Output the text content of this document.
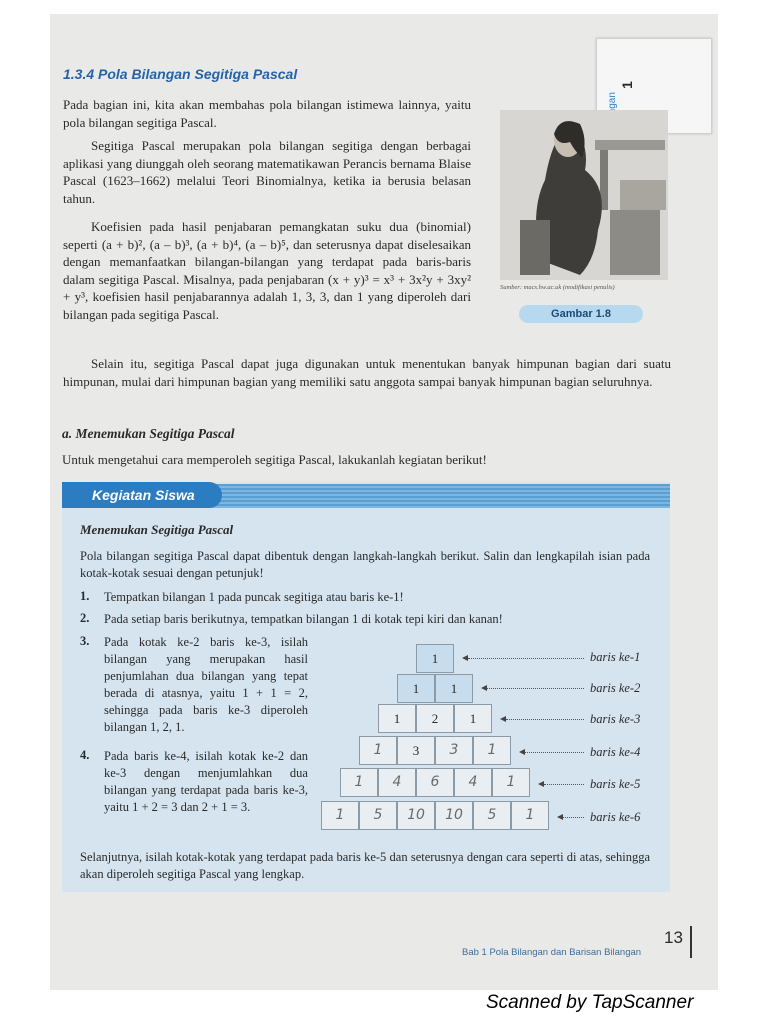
1.3.4 Pola Bilangan Segitiga Pascal

Pada bagian ini, kita akan membahas pola bilangan istimewa lainnya, yaitu pola bilangan segitiga Pascal.

Segitiga Pascal merupakan pola bilangan segitiga dengan berbagai aplikasi yang diunggah oleh seorang matematikawan Perancis bernama Blaise Pascal (1623–1662) melalui Teori Binomialnya, ketika ia berusia belasan tahun.

Koefisien pada hasil penjabaran pemangkatan suku dua (binomial) seperti (a + b)², (a – b)³, (a + b)⁴, (a – b)⁵, dan seterusnya dapat diselesaikan dengan memanfaatkan bilangan-bilangan yang terdapat pada baris-baris dalam segitiga Pascal. Misalnya, pada penjabaran (x + y)³ = x³ + 3x²y + 3xy² + y³, koefisien hasil penjabarannya adalah 1, 3, 3, dan 1 yang diperoleh dari bilangan pada segitiga Pascal.

Selain itu, segitiga Pascal dapat juga digunakan untuk menentukan banyak himpunan bagian dari suatu himpunan, mulai dari himpunan bagian yang memiliki satu anggota sampai banyak himpunan bagian seluruhnya.

1
Sumber: macs.hw.ac.uk (modifikasi penulis)
Gambar 1.8
a. Menemukan Segitiga Pascal

Untuk mengetahui cara memperoleh segitiga Pascal, lakukanlah kegiatan berikut!

Kegiatan Siswa
Menemukan Segitiga Pascal

Pola bilangan segitiga Pascal dapat dibentuk dengan langkah-langkah berikut. Salin dan lengkapilah isian pada kotak-kotak sesuai dengan petunjuk!

1. Tempatkan bilangan 1 pada puncak segitiga atau baris ke-1!

2. Pada setiap baris berikutnya, tempatkan bilangan 1 di kotak tepi kiri dan kanan!

3. Pada kotak ke-2 baris ke-3, isilah bilangan yang merupakan hasil penjumlahan dua bilangan yang tepat berada di atasnya, yaitu 1 + 1 = 2, sehingga pada baris ke-3 diperoleh bilangan 1, 2, 1.

4. Pada baris ke-4, isilah kotak ke-2 dan ke-3 dengan menjumlahkan dua bilangan yang terdapat pada baris ke-3, yaitu 1 + 2 = 3 dan 2 + 1 = 3.

1
1	1
1	2	1
1	3	3	1
1	4	6	4	1
1	5	10	10	5	1
baris ke-1
baris ke-2
baris ke-3
baris ke-4
baris ke-5
baris ke-6

Selanjutnya, isilah kotak-kotak yang terdapat pada baris ke-5 dan seterusnya dengan cara seperti di atas, sehingga akan diperoleh segitiga Pascal yang lengkap.

13
Bab 1 Pola Bilangan dan Barisan Bilangan
Scanned by TapScanner
